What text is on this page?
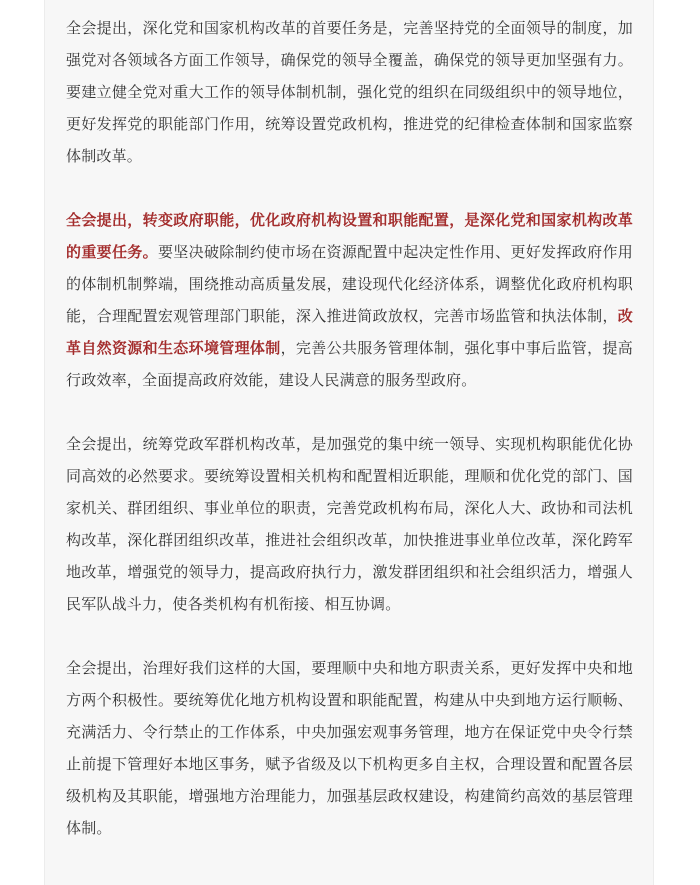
全会提出，深化党和国家机构改革的首要任务是，完善坚持党的全面领导的制度，加强党对各领域各方面工作领导，确保党的领导全覆盖，确保党的领导更加坚强有力。要建立健全党对重大工作的领导体制机制，强化党的组织在同级组织中的领导地位，更好发挥党的职能部门作用，统筹设置党政机构，推进党的纪律检查体制和国家监察体制改革。

全会提出，转变政府职能，优化政府机构设置和职能配置，是深化党和国家机构改革的重要任务。要坚决破除制约使市场在资源配置中起决定性作用、更好发挥政府作用的体制机制弊端，围绕推动高质量发展，建设现代化经济体系，调整优化政府机构职能，合理配置宏观管理部门职能，深入推进简政放权，完善市场监管和执法体制，改革自然资源和生态环境管理体制，完善公共服务管理体制，强化事中事后监管，提高行政效率，全面提高政府效能，建设人民满意的服务型政府。

全会提出，统筹党政军群机构改革，是加强党的集中统一领导、实现机构职能优化协同高效的必然要求。要统筹设置相关机构和配置相近职能，理顺和优化党的部门、国家机关、群团组织、事业单位的职责，完善党政机构布局，深化人大、政协和司法机构改革，深化群团组织改革，推进社会组织改革，加快推进事业单位改革，深化跨军地改革，增强党的领导力，提高政府执行力，激发群团组织和社会组织活力，增强人民军队战斗力，使各类机构有机衔接、相互协调。

全会提出，治理好我们这样的大国，要理顺中央和地方职责关系，更好发挥中央和地方两个积极性。要统筹优化地方机构设置和职能配置，构建从中央到地方运行顺畅、充满活力、令行禁止的工作体系，中央加强宏观事务管理，地方在保证党中央令行禁止前提下管理好本地区事务，赋予省级及以下机构更多自主权，合理设置和配置各层级机构及其职能，增强地方治理能力，加强基层政权建设，构建简约高效的基层管理体制。
